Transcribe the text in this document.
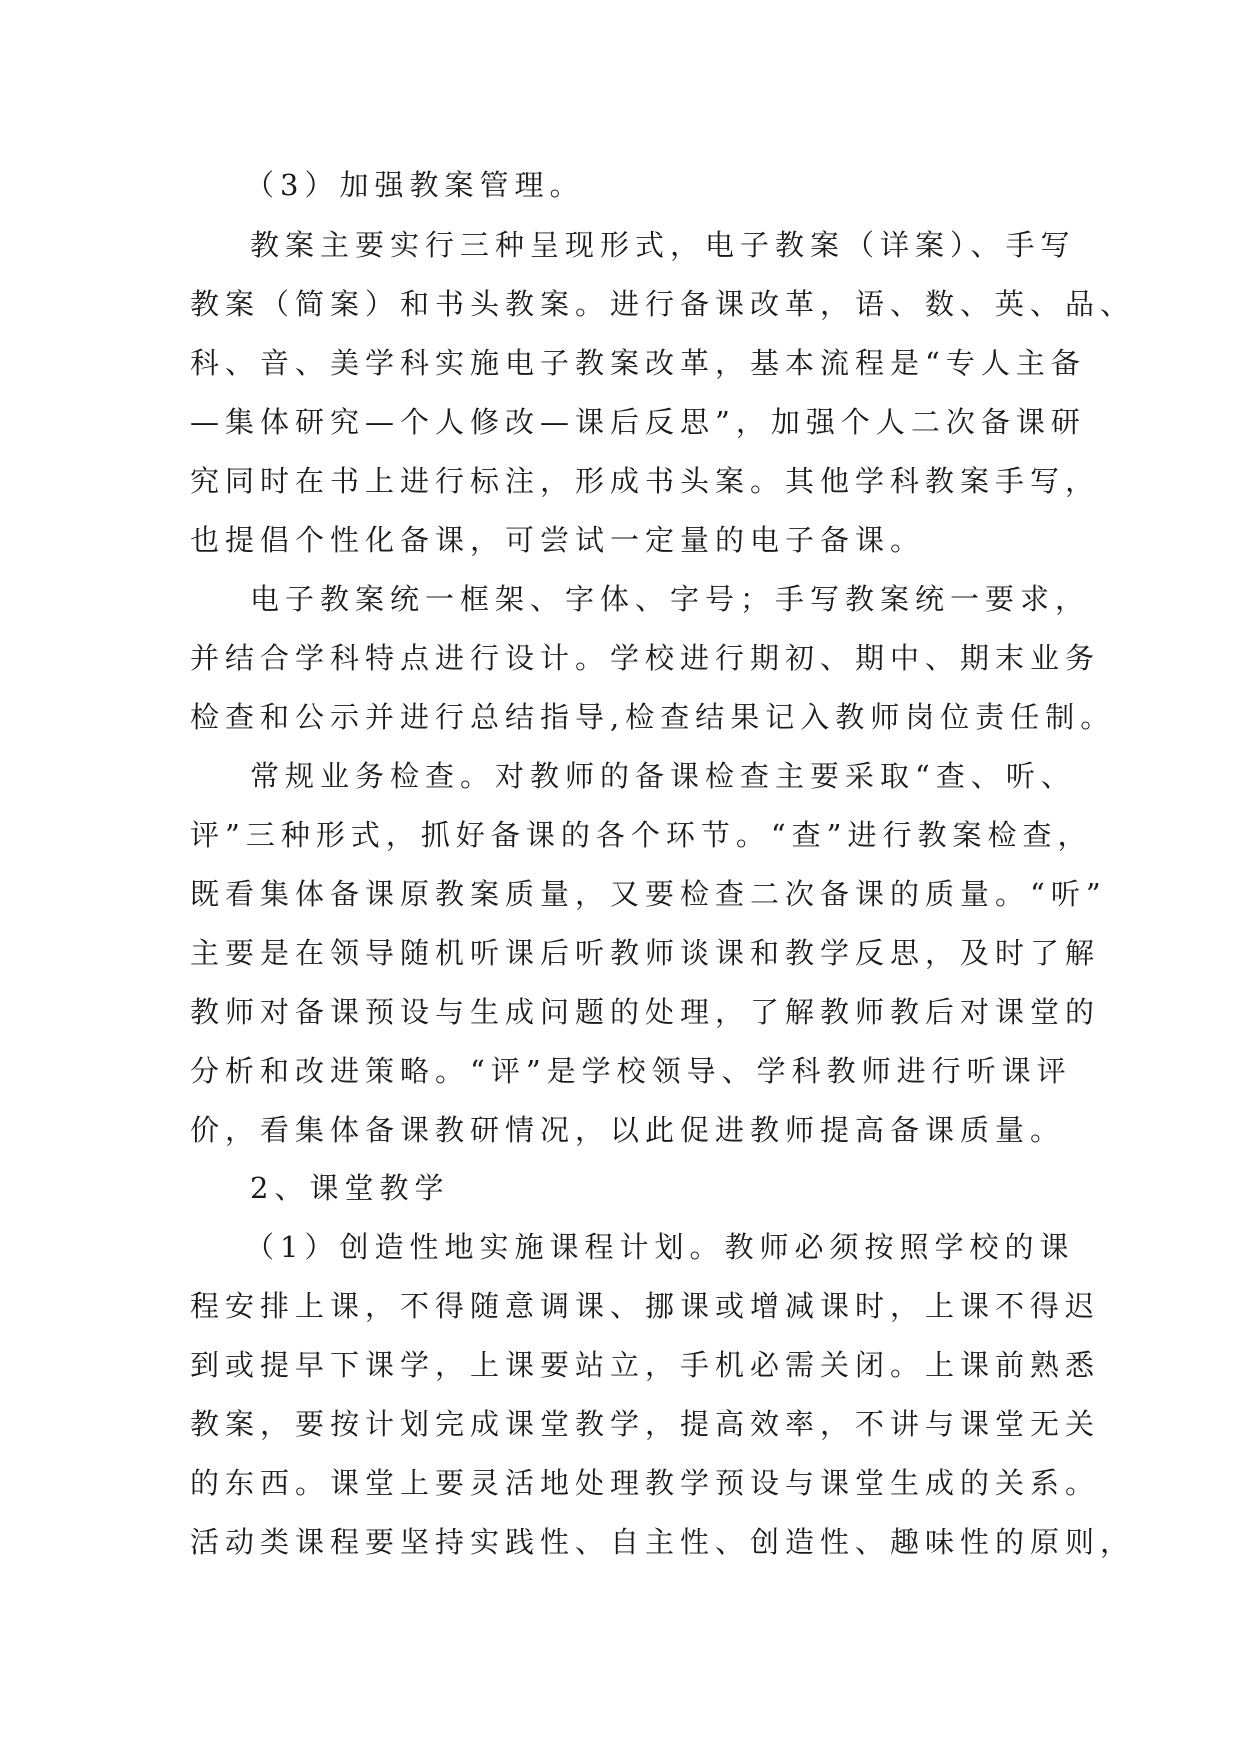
（3）加强教案管理。
教案主要实行三种呈现形式，电子教案（详案）、手写
教案（简案）和书头教案。进行备课改革，语、数、英、品、
科、音、美学科实施电子教案改革，基本流程是“专人主备
—集体研究—个人修改—课后反思”，加强个人二次备课研
究同时在书上进行标注，形成书头案。其他学科教案手写，
也提倡个性化备课，可尝试一定量的电子备课。
电子教案统一框架、字体、字号；手写教案统一要求，
并结合学科特点进行设计。学校进行期初、期中、期末业务
检查和公示并进行总结指导,检查结果记入教师岗位责任制。
常规业务检查。对教师的备课检查主要采取“查、听、
评”三种形式，抓好备课的各个环节。“查”进行教案检查，
既看集体备课原教案质量，又要检查二次备课的质量。“听”
主要是在领导随机听课后听教师谈课和教学反思，及时了解
教师对备课预设与生成问题的处理，了解教师教后对课堂的
分析和改进策略。“评”是学校领导、学科教师进行听课评
价，看集体备课教研情况，以此促进教师提高备课质量。
2、课堂教学
（1）创造性地实施课程计划。教师必须按照学校的课
程安排上课，不得随意调课、挪课或增减课时，上课不得迟
到或提早下课学，上课要站立，手机必需关闭。上课前熟悉
教案，要按计划完成课堂教学，提高效率，不讲与课堂无关
的东西。课堂上要灵活地处理教学预设与课堂生成的关系。
活动类课程要坚持实践性、自主性、创造性、趣味性的原则，
